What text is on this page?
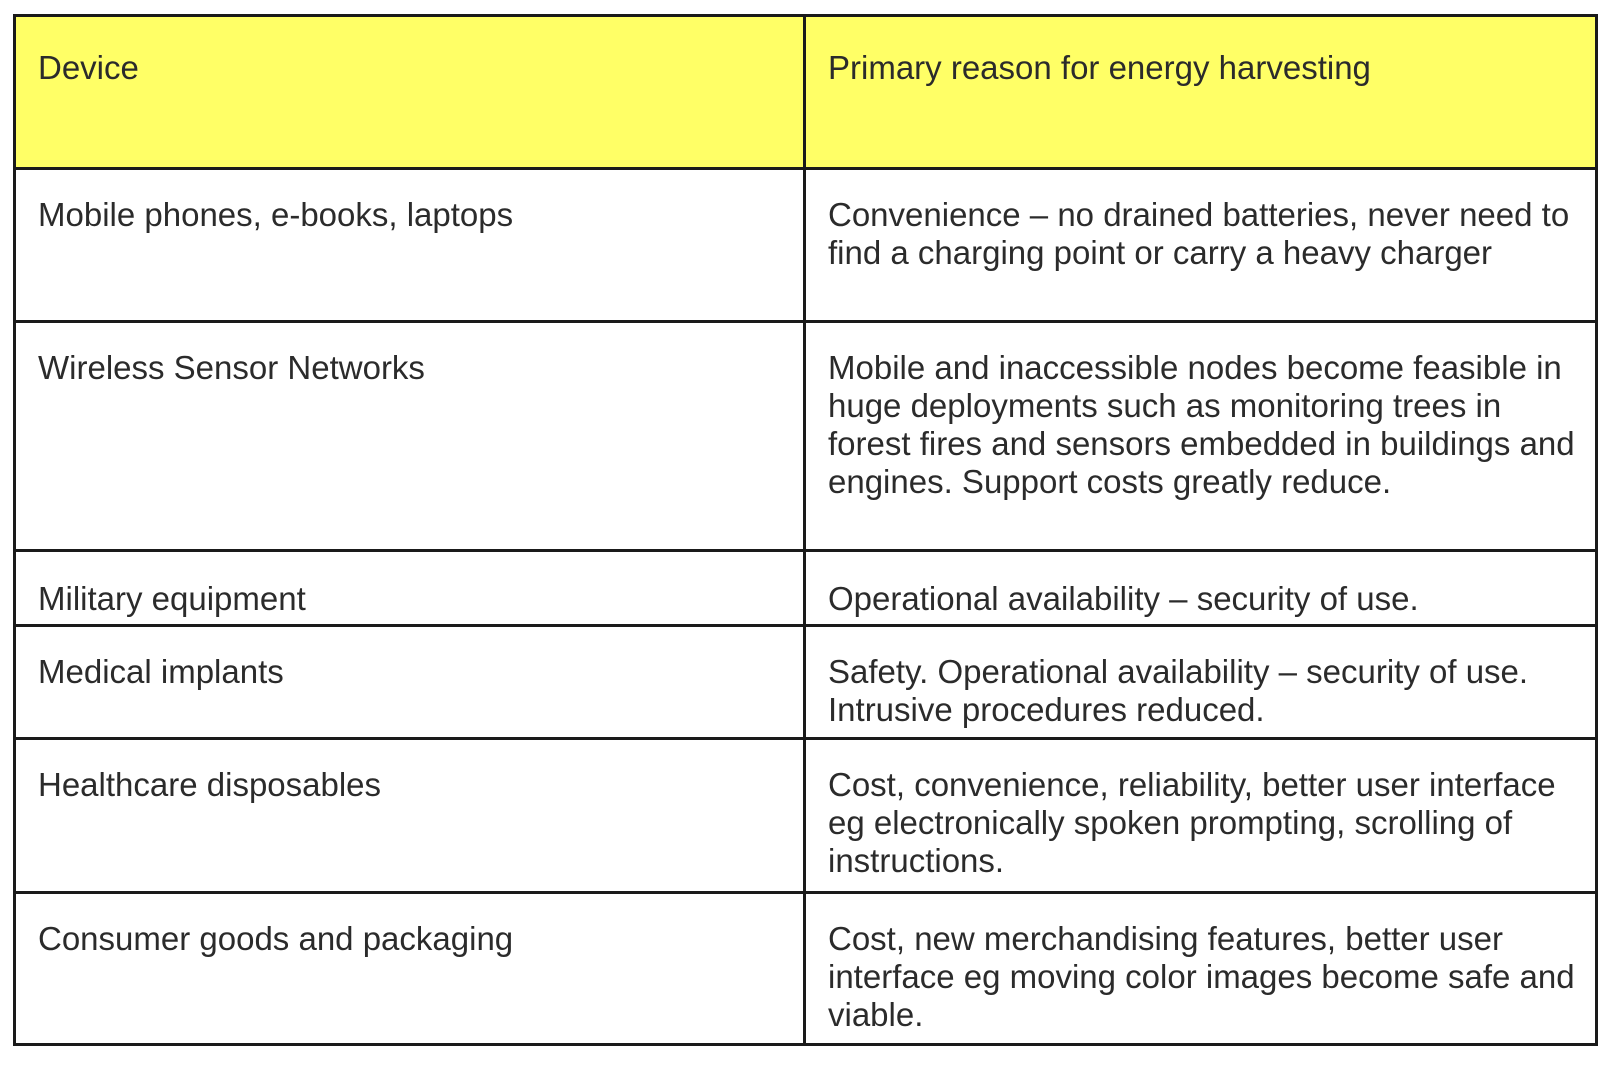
Device	Primary reason for energy harvesting
Mobile phones, e-books, laptops	Convenience – no drained batteries, never need to find a charging point or carry a heavy charger
Wireless Sensor Networks	Mobile and inaccessible nodes become feasible in huge deployments such as monitoring trees in forest fires and sensors embedded in buildings and engines. Support costs greatly reduce.
Military equipment	Operational availability – security of use.
Medical implants	Safety. Operational availability – security of use. Intrusive procedures reduced.
Healthcare disposables	Cost, convenience, reliability, better user interface eg electronically spoken prompting, scrolling of instructions.
Consumer goods and packaging	Cost, new merchandising features, better user interface eg moving color images become safe and viable.
